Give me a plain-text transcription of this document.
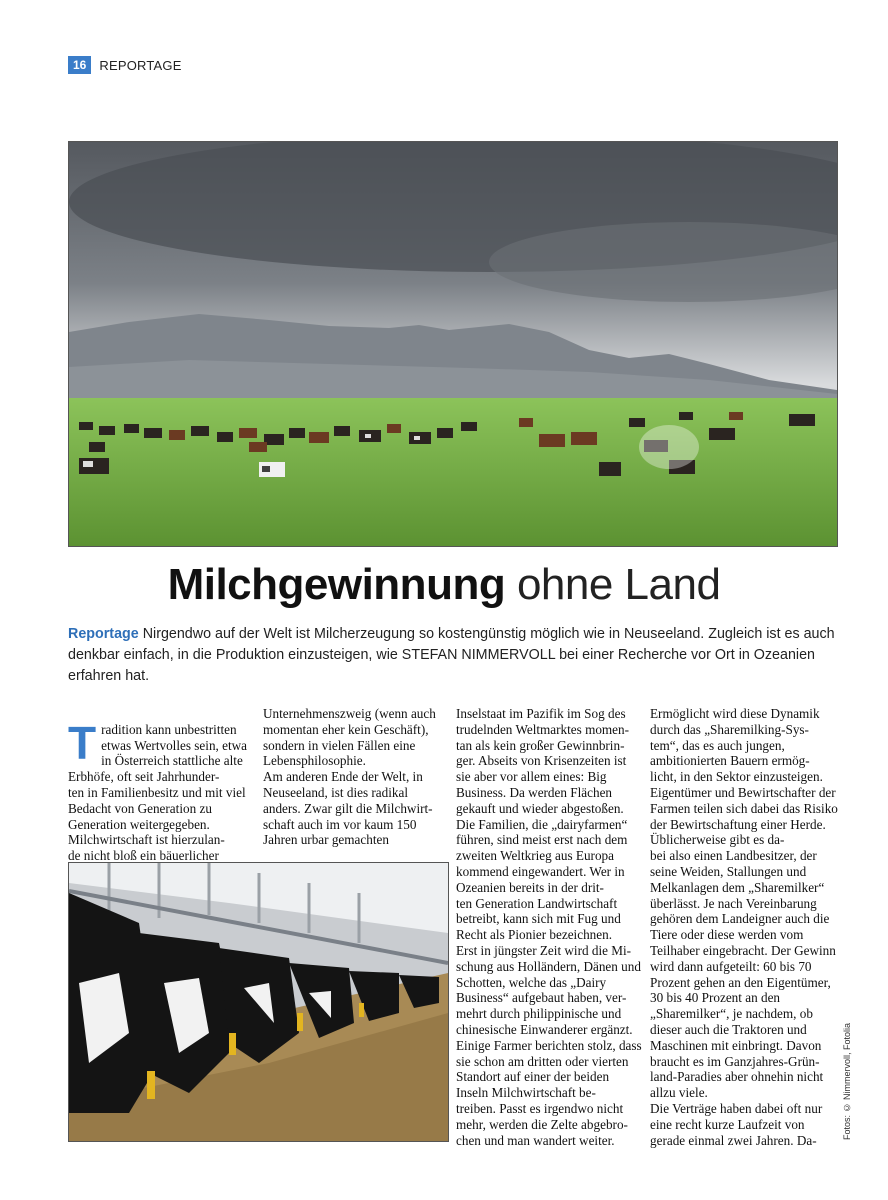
16	REPORTAGE
Milchgewinnung ohne Land
Reportage Nirgendwo auf der Welt ist Milcherzeugung so kostengünstig möglich wie in Neuseeland. Zugleich ist es auch denkbar einfach, in die Produktion einzusteigen, wie STEFAN NIMMERVOLL bei einer Recherche vor Ort in Ozeanien erfahren hat.

Tradition kann unbestritten etwas Wertvolles sein, etwa in Österreich stattliche alte Erbhöfe, oft seit Jahrhunder-
ten in Familienbesitz und mit viel Bedacht von Generation zu Generation weitergegeben. Milchwirtschaft ist hierzulan-
de nicht bloß ein bäuerlicher

Unternehmenszweig (wenn auch momentan eher kein Geschäft), sondern in vielen Fällen eine Lebensphilosophie.
Am anderen Ende der Welt, in Neuseeland, ist dies radikal anders. Zwar gilt die Milchwirt-
schaft auch im vor kaum 150 Jahren urbar gemachten
Inselstaat im Pazifik im Sog des trudelnden Weltmarktes momen-
tan als kein großer Gewinnbrin-
ger. Abseits von Krisenzeiten ist sie aber vor allem eines: Big Business. Da werden Flächen gekauft und wieder abgestoßen. Die Familien, die „dairyfarmen“ führen, sind meist erst nach dem zweiten Weltkrieg aus Europa kommend eingewandert. Wer in Ozeanien bereits in der drit-
ten Generation Landwirtschaft betreibt, kann sich mit Fug und Recht als Pionier bezeichnen.
Erst in jüngster Zeit wird die Mi-
schung aus Holländern, Dänen und Schotten, welche das „Dairy Business“ aufgebaut haben, ver-
mehrt durch philippinische und chinesische Einwanderer ergänzt. Einige Farmer berichten stolz, dass sie schon am dritten oder vierten Standort auf einer der beiden Inseln Milchwirtschaft be-
treiben. Passt es irgendwo nicht mehr, werden die Zelte abgebro-
chen und man wandert weiter.
Ermöglicht wird diese Dynamik durch das „Sharemilking-Sys-
tem“, das es auch jungen, ambitionierten Bauern ermög-
licht, in den Sektor einzusteigen. Eigentümer und Bewirtschafter der Farmen teilen sich dabei das Risiko der Bewirtschaftung einer Herde. Üblicherweise gibt es da-
bei also einen Landbesitzer, der seine Weiden, Stallungen und Melkanlagen dem „Sharemilker“ überlässt. Je nach Vereinbarung gehören dem Landeigner auch die Tiere oder diese werden vom Teilhaber eingebracht. Der Gewinn wird dann aufgeteilt: 60 bis 70 Prozent gehen an den Eigentümer, 30 bis 40 Prozent an den „Sharemilker“, je nachdem, ob dieser auch die Traktoren und Maschinen mit einbringt. Davon braucht es im Ganzjahres-Grün-
land-Paradies aber ohnehin nicht allzu viele.
Die Verträge haben dabei oft nur eine recht kurze Laufzeit von gerade einmal zwei Jahren. Da-
Fotos: © Nimmervoll, Fotolia
